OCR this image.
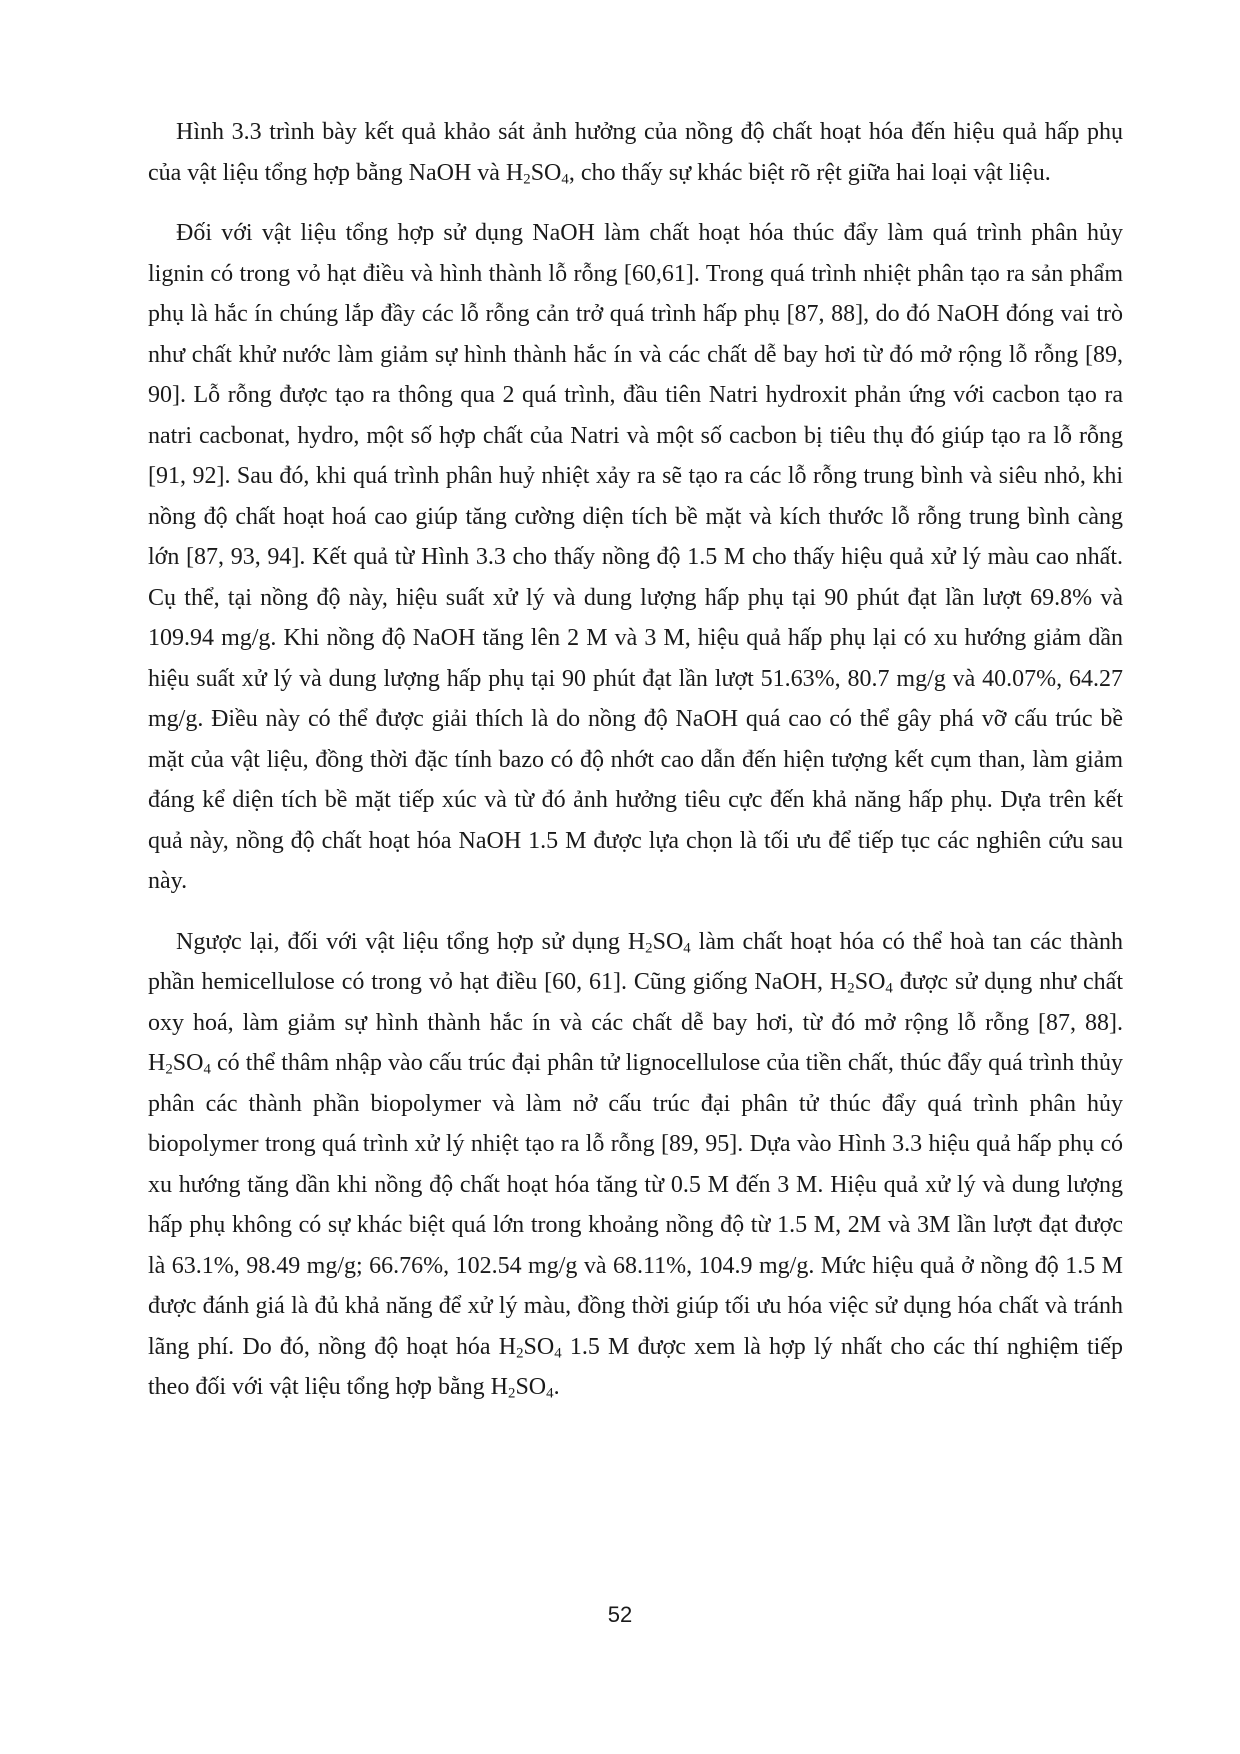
Hình 3.3 trình bày kết quả khảo sát ảnh hưởng của nồng độ chất hoạt hóa đến hiệu quả hấp phụ của vật liệu tổng hợp bằng NaOH và $H_2SO_4$, cho thấy sự khác biệt rõ rệt giữa hai loại vật liệu.

Đối với vật liệu tổng hợp sử dụng NaOH làm chất hoạt hóa thúc đẩy làm quá trình phân hủy lignin có trong vỏ hạt điều và hình thành lỗ rỗng [60,61]. Trong quá trình nhiệt phân tạo ra sản phẩm phụ là hắc ín chúng lắp đầy các lỗ rỗng cản trở quá trình hấp phụ [87, 88], do đó NaOH đóng vai trò như chất khử nước làm giảm sự hình thành hắc ín và các chất dễ bay hơi từ đó mở rộng lỗ rỗng [89, 90]. Lỗ rỗng được tạo ra thông qua 2 quá trình, đầu tiên Natri hydroxit phản ứng với cacbon tạo ra natri cacbonat, hydro, một số hợp chất của Natri và một số cacbon bị tiêu thụ đó giúp tạo ra lỗ rỗng [91, 92]. Sau đó, khi quá trình phân huỷ nhiệt xảy ra sẽ tạo ra các lỗ rỗng trung bình và siêu nhỏ, khi nồng độ chất hoạt hoá cao giúp tăng cường diện tích bề mặt và kích thước lỗ rỗng trung bình càng lớn [87, 93, 94]. Kết quả từ Hình 3.3 cho thấy nồng độ 1.5 M cho thấy hiệu quả xử lý màu cao nhất. Cụ thể, tại nồng độ này, hiệu suất xử lý và dung lượng hấp phụ tại 90 phút đạt lần lượt 69.8% và 109.94 mg/g. Khi nồng độ NaOH tăng lên 2 M và 3 M, hiệu quả hấp phụ lại có xu hướng giảm dần hiệu suất xử lý và dung lượng hấp phụ tại 90 phút đạt lần lượt 51.63%, 80.7 mg/g và 40.07%, 64.27 mg/g. Điều này có thể được giải thích là do nồng độ NaOH quá cao có thể gây phá vỡ cấu trúc bề mặt của vật liệu, đồng thời đặc tính bazo có độ nhớt cao dẫn đến hiện tượng kết cụm than, làm giảm đáng kể diện tích bề mặt tiếp xúc và từ đó ảnh hưởng tiêu cực đến khả năng hấp phụ. Dựa trên kết quả này, nồng độ chất hoạt hóa NaOH 1.5 M được lựa chọn là tối ưu để tiếp tục các nghiên cứu sau này.

Ngược lại, đối với vật liệu tổng hợp sử dụng $H_2SO_4$ làm chất hoạt hóa có thể hoà tan các thành phần hemicellulose có trong vỏ hạt điều [60, 61]. Cũng giống NaOH, $H_2SO_4$ được sử dụng như chất oxy hoá, làm giảm sự hình thành hắc ín và các chất dễ bay hơi, từ đó mở rộng lỗ rỗng [87, 88]. $H_2SO_4$ có thể thâm nhập vào cấu trúc đại phân tử lignocellulose của tiền chất, thúc đẩy quá trình thủy phân các thành phần biopolymer và làm nở cấu trúc đại phân tử thúc đẩy quá trình phân hủy biopolymer trong quá trình xử lý nhiệt tạo ra lỗ rỗng [89, 95]. Dựa vào Hình 3.3 hiệu quả hấp phụ có xu hướng tăng dần khi nồng độ chất hoạt hóa tăng từ 0.5 M đến 3 M. Hiệu quả xử lý và dung lượng hấp phụ không có sự khác biệt quá lớn trong khoảng nồng độ từ 1.5 M, 2M và 3M lần lượt đạt được là 63.1%, 98.49 mg/g; 66.76%, 102.54 mg/g và 68.11%, 104.9 mg/g. Mức hiệu quả ở nồng độ 1.5 M được đánh giá là đủ khả năng để xử lý màu, đồng thời giúp tối ưu hóa việc sử dụng hóa chất và tránh lãng phí. Do đó, nồng độ hoạt hóa $H_2SO_4$ 1.5 M được xem là hợp lý nhất cho các thí nghiệm tiếp theo đối với vật liệu tổng hợp bằng $H_2SO_4$.

52
